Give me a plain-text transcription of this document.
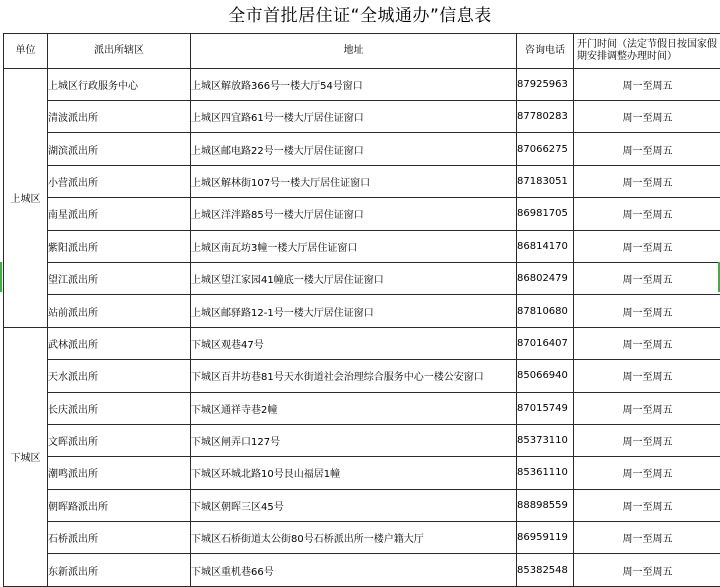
全市首批居住证“全城通办”信息表
单位	派出所辖区	地址	咨询电话	开门时间（法定节假日按国家假期安排调整办理时间）
上城区	上城区行政服务中心	上城区解放路366号一楼大厅54号窗口	87925963	周一至周五
	清波派出所	上城区四宜路61号一楼大厅居住证窗口	87780283	周一至周五
	湖滨派出所	上城区邮电路22号一楼大厅居住证窗口	87066275	周一至周五
	小营派出所	上城区解林街107号一楼大厅居住证窗口	87183051	周一至周五
	南星派出所	上城区洋泮路85号一楼大厅居住证窗口	86981705	周一至周五
	紫阳派出所	上城区南瓦坊3幢一楼大厅居住证窗口	86814170	周一至周五
	望江派出所	上城区望江家园41幢底一楼大厅居住证窗口	86802479	周一至周五
	站前派出所	上城区邮驿路12-1号一楼大厅居住证窗口	87810680	周一至周五
下城区	武林派出所	下城区观巷47号	87016407	周一至周五
	天水派出所	下城区百井坊巷81号天水街道社会治理综合服务中心一楼公安窗口	85066940	周一至周五
	长庆派出所	下城区通祥寺巷2幢	87015749	周一至周五
	文晖派出所	下城区闸弄口127号	85373110	周一至周五
	潮鸣派出所	下城区环城北路10号艮山福居1幢	85361110	周一至周五
	朝晖路派出所	下城区朝晖三区45号	88898559	周一至周五
	石桥派出所	下城区石桥街道太公街80号石桥派出所一楼户籍大厅	86959119	周一至周五
	东新派出所	下城区重机巷66号	85382548	周一至周五
